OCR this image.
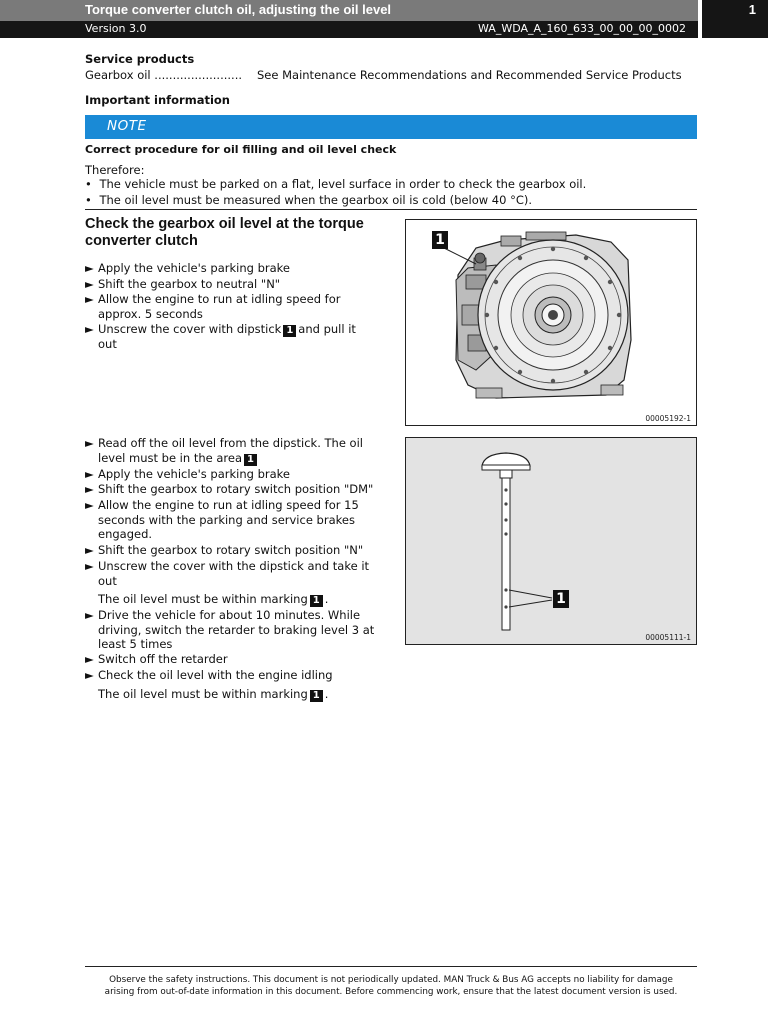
Torque converter clutch oil, adjusting the oil level
Version 3.0	WA_WDA_A_160_633_00_00_00_0002
1
Service products
Gearbox oil ........................ See Maintenance Recommendations and Recommended Service Products
Important information
NOTE
Correct procedure for oil filling and oil level check
Therefore:
• The vehicle must be parked on a flat, level surface in order to check the gearbox oil.
• The oil level must be measured when the gearbox oil is cold (below 40 °C).
Check the gearbox oil level at the torque converter clutch
► Apply the vehicle's parking brake
► Shift the gearbox to neutral "N"
► Allow the engine to run at idling speed for
approx. 5 seconds
► Unscrew the cover with dipstick 1 and pull it
out
1
00005192-1
► Read off the oil level from the dipstick. The oil
level must be in the area 1
► Apply the vehicle's parking brake
► Shift the gearbox to rotary switch position "DM"
► Allow the engine to run at idling speed for 15
seconds with the parking and service brakes
engaged.
► Shift the gearbox to rotary switch position "N"
► Unscrew the cover with the dipstick and take it
out
The oil level must be within marking 1 .
► Drive the vehicle for about 10 minutes. While
driving, switch the retarder to braking level 3 at
least 5 times
► Switch off the retarder
► Check the oil level with the engine idling
The oil level must be within marking 1 .
1
00005111-1
Observe the safety instructions. This document is not periodically updated. MAN Truck & Bus AG accepts no liability for damage
arising from out-of-date information in this document. Before commencing work, ensure that the latest document version is used.
